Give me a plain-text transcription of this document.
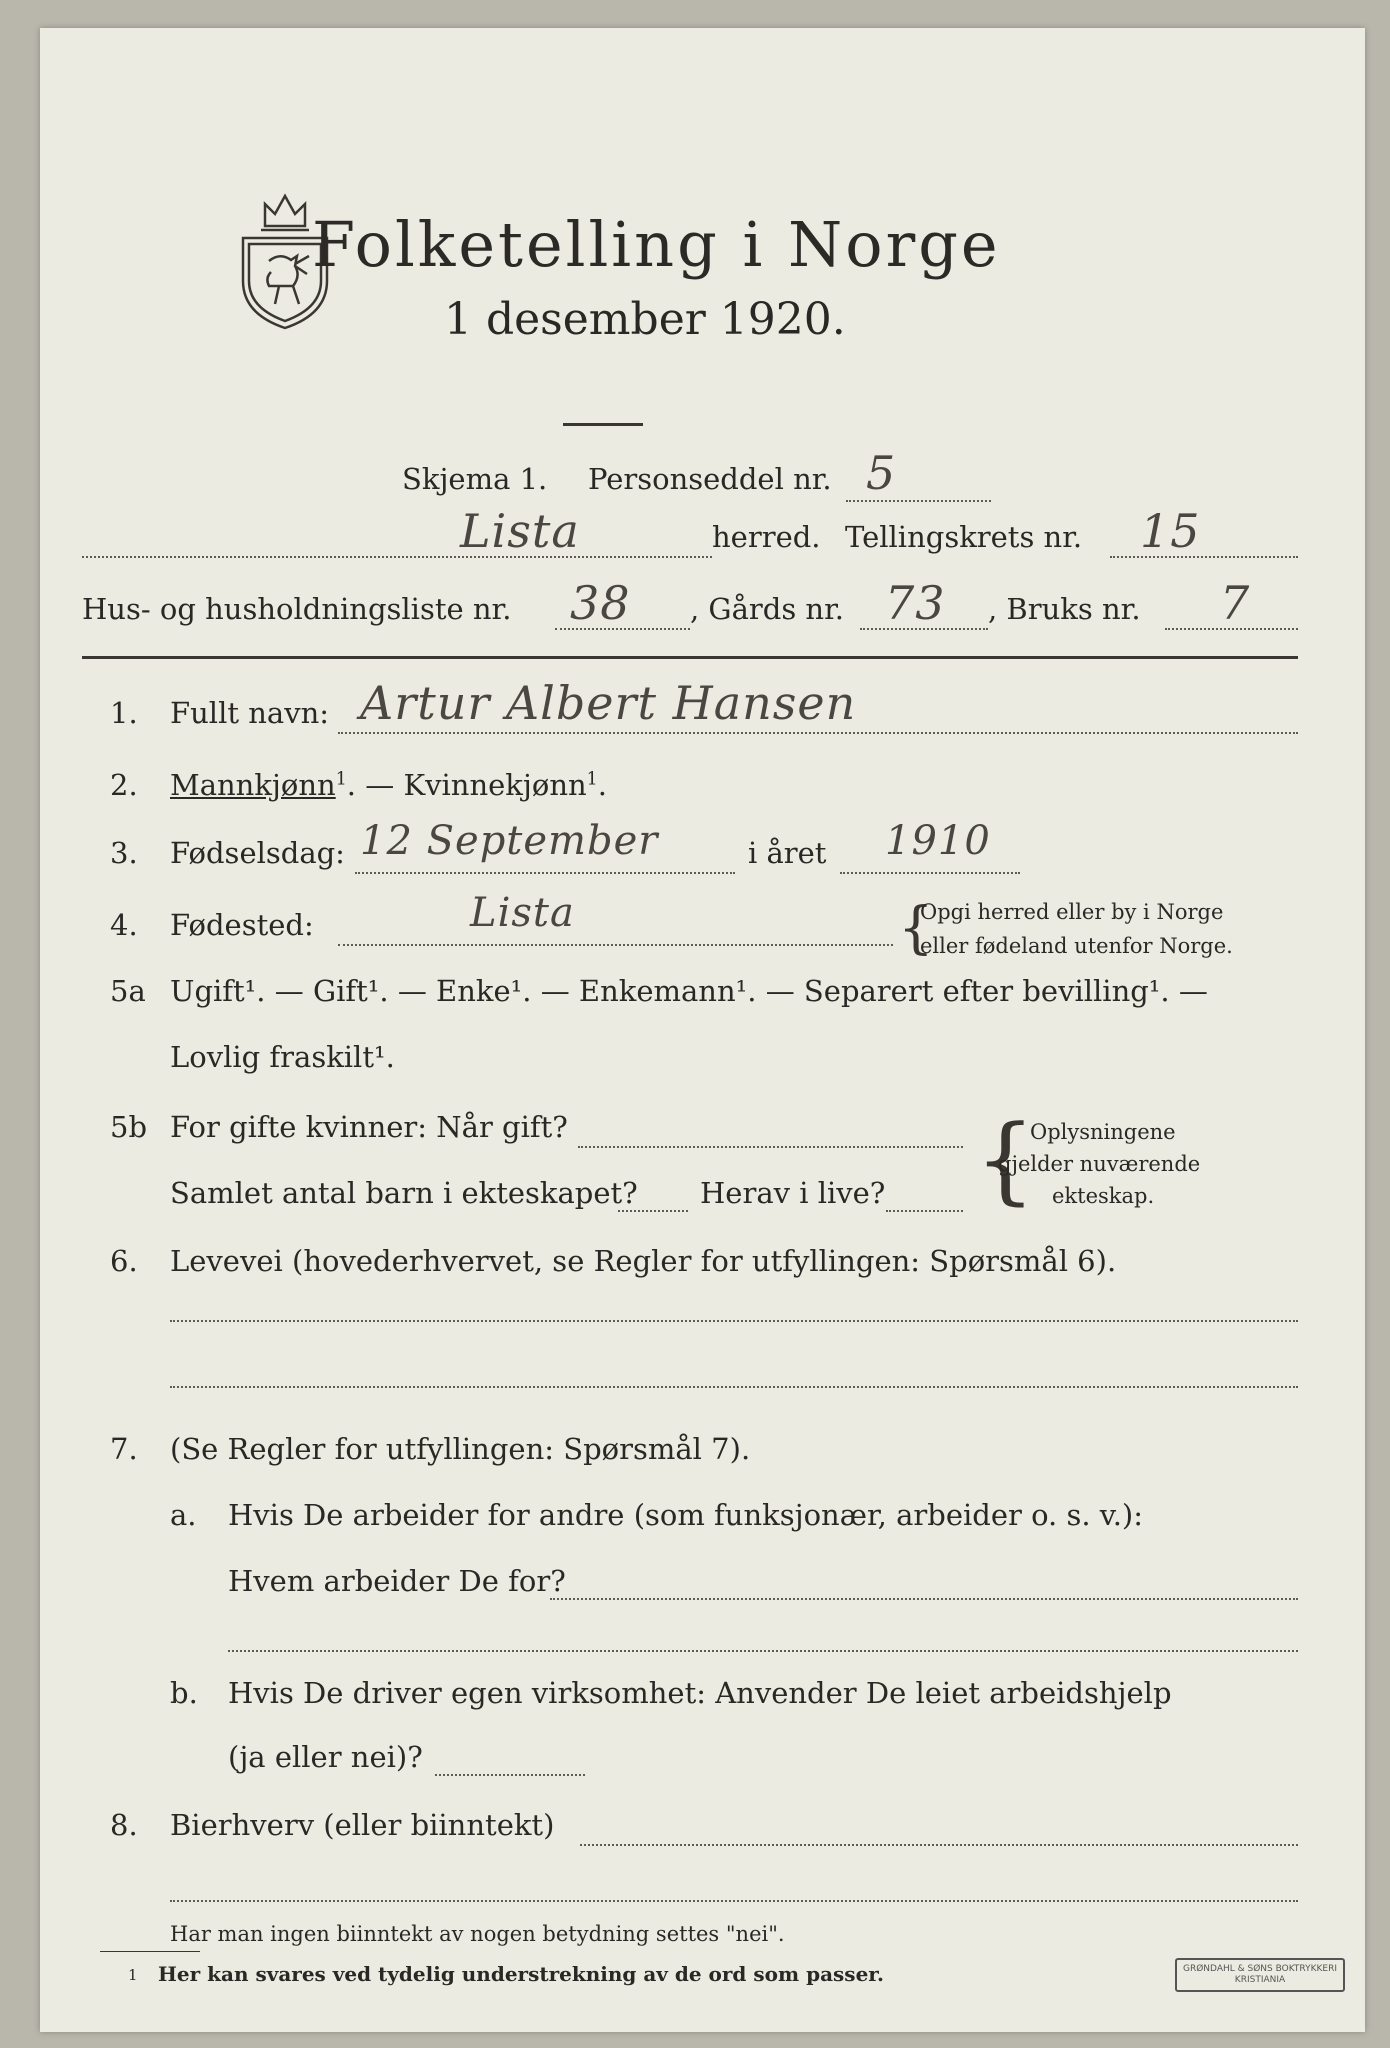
Folketelling i Norge
1 desember 1920.
Skjema 1. Personseddel nr. 5
Lista	herred. Tellingskrets nr. 15
Hus- og husholdningsliste nr. 38 , Gårds nr. 73 , Bruks nr. 7
1. Fullt navn: Artur Albert Hansen
2. Mannkjønn$^1$. — Kvinnekjønn$^1$.
3. Fødselsdag: 12 September	i året 1910
4. Fødested:	Lista	{
Opgi herred eller by i Norge
eller fødeland utenfor Norge.
5a Ugift¹. — Gift¹. — Enke¹. — Enkemann¹. — Separert efter bevilling¹. —
Lovlig fraskilt¹.
5b For gifte kvinner: Når gift?
Samlet antal barn i ekteskapet? Herav i live? {
Oplysningene
gjelder nuværende
ekteskap.
6. Levevei (hovederhvervet, se Regler for utfyllingen: Spørsmål 6).
7. (Se Regler for utfyllingen: Spørsmål 7).
a. Hvis De arbeider for andre (som funksjonær, arbeider o. s. v.):
Hvem arbeider De for?
b. Hvis De driver egen virksomhet: Anvender De leiet arbeidshjelp
(ja eller nei)?
8. Bierhverv (eller biinntekt)
Har man ingen biinntekt av nogen betydning settes "nei".
1 Her kan svares ved tydelig understrekning av de ord som passer.	GRØNDAHL & SØNS BOKTRYKKERI
KRISTIANIA
